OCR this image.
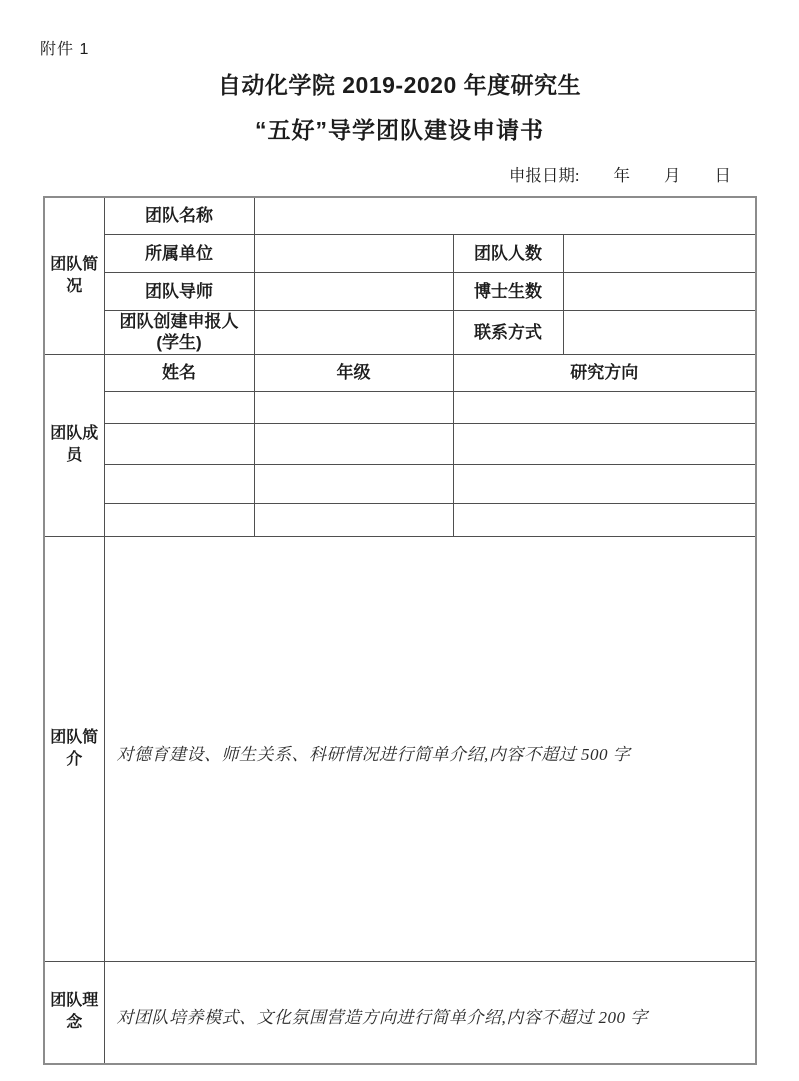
附件 1
自动化学院 2019-2020 年度研究生
“五好”导学团队建设申请书
申报日期: 年 月 日
团队简况	团队名称			
	所属单位		团队人数	
	团队导师		博士生数	

	团队创建申报人
(学生)		联系方式	
团队成员	姓名	年级	研究方向	

团队简介	对德育建设、师生关系、科研情况进行简单介绍,内容不超过 500 字			

团队理念	对团队培养模式、文化氛围营造方向进行简单介绍,内容不超过 200 字			
